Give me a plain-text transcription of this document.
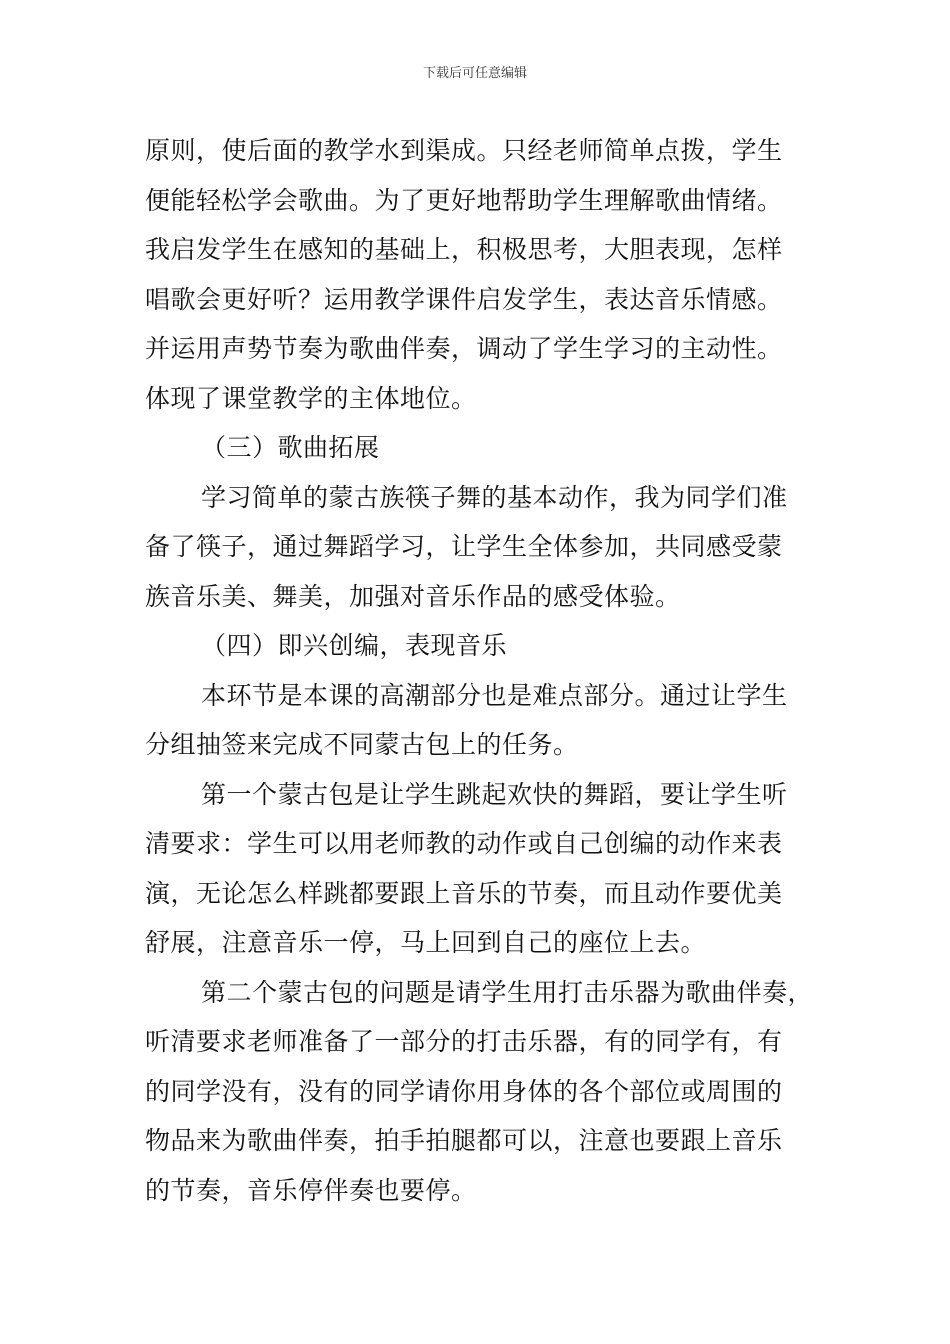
下载后可任意编辑
原则，使后面的教学水到渠成。只经老师简单点拨，学生
便能轻松学会歌曲。为了更好地帮助学生理解歌曲情绪。
我启发学生在感知的基础上，积极思考，大胆表现，怎样
唱歌会更好听？运用教学课件启发学生，表达音乐情感。
并运用声势节奏为歌曲伴奏，调动了学生学习的主动性。
体现了课堂教学的主体地位。
（三）歌曲拓展
学习简单的蒙古族筷子舞的基本动作，我为同学们准
备了筷子，通过舞蹈学习，让学生全体参加，共同感受蒙
族音乐美、舞美，加强对音乐作品的感受体验。
（四）即兴创编，表现音乐
本环节是本课的高潮部分也是难点部分。通过让学生
分组抽签来完成不同蒙古包上的任务。
第一个蒙古包是让学生跳起欢快的舞蹈，要让学生听
清要求：学生可以用老师教的动作或自己创编的动作来表
演，无论怎么样跳都要跟上音乐的节奏，而且动作要优美
舒展，注意音乐一停，马上回到自己的座位上去。
第二个蒙古包的问题是请学生用打击乐器为歌曲伴奏，
听清要求老师准备了一部分的打击乐器，有的同学有，有
的同学没有，没有的同学请你用身体的各个部位或周围的
物品来为歌曲伴奏，拍手拍腿都可以，注意也要跟上音乐
的节奏，音乐停伴奏也要停。
